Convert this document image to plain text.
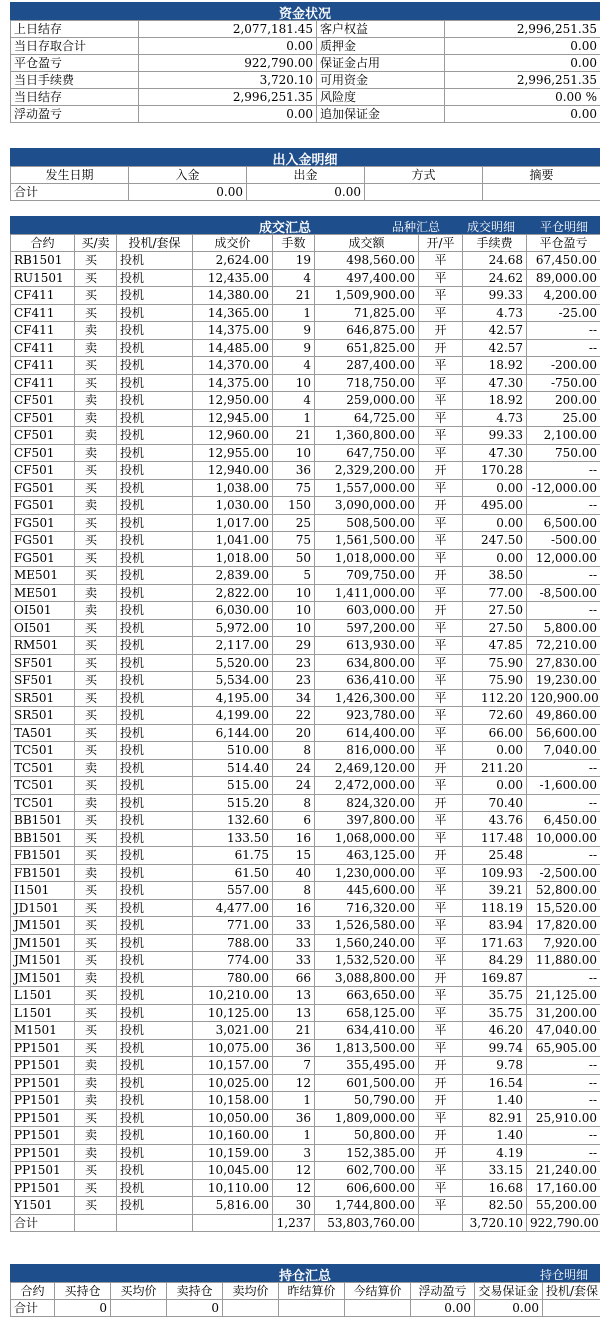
资金状况
上日结存	2,077,181.45	客户权益	2,996,251.35
当日存取合计	0.00	质押金	0.00
平仓盈亏	922,790.00	保证金占用	0.00
当日手续费	3,720.10	可用资金	2,996,251.35
当日结存	2,996,251.35	风险度	0.00 %
浮动盈亏	0.00	追加保证金	0.00
出入金明细
发生日期	入金	出金	方式	摘要
合计	0.00	0.00		
成交汇总	品种汇总 成交明细 平仓明细
合约	买/卖	投机/套保	成交价	手数	成交额	开/平	手续费	平仓盈亏
RB1501	买	投机	2,624.00	19	498,560.00	平	24.68	67,450.00
RU1501	买	投机	12,435.00	4	497,400.00	平	24.62	89,000.00
CF411	买	投机	14,380.00	21	1,509,900.00	平	99.33	4,200.00
CF411	买	投机	14,365.00	1	71,825.00	平	4.73	-25.00
CF411	卖	投机	14,375.00	9	646,875.00	开	42.57	--
CF411	卖	投机	14,485.00	9	651,825.00	开	42.57	--
CF411	买	投机	14,370.00	4	287,400.00	平	18.92	-200.00
CF411	买	投机	14,375.00	10	718,750.00	平	47.30	-750.00
CF501	卖	投机	12,950.00	4	259,000.00	平	18.92	200.00
CF501	卖	投机	12,945.00	1	64,725.00	平	4.73	25.00
CF501	卖	投机	12,960.00	21	1,360,800.00	平	99.33	2,100.00
CF501	卖	投机	12,955.00	10	647,750.00	平	47.30	750.00
CF501	买	投机	12,940.00	36	2,329,200.00	开	170.28	--
FG501	买	投机	1,038.00	75	1,557,000.00	平	0.00	-12,000.00
FG501	卖	投机	1,030.00	150	3,090,000.00	开	495.00	--
FG501	买	投机	1,017.00	25	508,500.00	平	0.00	6,500.00
FG501	买	投机	1,041.00	75	1,561,500.00	平	247.50	-500.00
FG501	买	投机	1,018.00	50	1,018,000.00	平	0.00	12,000.00
ME501	买	投机	2,839.00	5	709,750.00	开	38.50	--
ME501	卖	投机	2,822.00	10	1,411,000.00	平	77.00	-8,500.00
OI501	卖	投机	6,030.00	10	603,000.00	开	27.50	--
OI501	买	投机	5,972.00	10	597,200.00	平	27.50	5,800.00
RM501	买	投机	2,117.00	29	613,930.00	平	47.85	72,210.00
SF501	买	投机	5,520.00	23	634,800.00	平	75.90	27,830.00
SF501	买	投机	5,534.00	23	636,410.00	平	75.90	19,230.00
SR501	买	投机	4,195.00	34	1,426,300.00	平	112.20	120,900.00
SR501	买	投机	4,199.00	22	923,780.00	平	72.60	49,860.00
TA501	买	投机	6,144.00	20	614,400.00	平	66.00	56,600.00
TC501	买	投机	510.00	8	816,000.00	平	0.00	7,040.00
TC501	卖	投机	514.40	24	2,469,120.00	开	211.20	--
TC501	买	投机	515.00	24	2,472,000.00	平	0.00	-1,600.00
TC501	卖	投机	515.20	8	824,320.00	开	70.40	--
BB1501	买	投机	132.60	6	397,800.00	平	43.76	6,450.00
BB1501	买	投机	133.50	16	1,068,000.00	平	117.48	10,000.00
FB1501	买	投机	61.75	15	463,125.00	开	25.48	--
FB1501	卖	投机	61.50	40	1,230,000.00	平	109.93	-2,500.00
I1501	买	投机	557.00	8	445,600.00	平	39.21	52,800.00
JD1501	买	投机	4,477.00	16	716,320.00	平	118.19	15,520.00
JM1501	买	投机	771.00	33	1,526,580.00	平	83.94	17,820.00
JM1501	买	投机	788.00	33	1,560,240.00	平	171.63	7,920.00
JM1501	买	投机	774.00	33	1,532,520.00	平	84.29	11,880.00
JM1501	卖	投机	780.00	66	3,088,800.00	开	169.87	--
L1501	买	投机	10,210.00	13	663,650.00	平	35.75	21,125.00
L1501	买	投机	10,125.00	13	658,125.00	平	35.75	31,200.00
M1501	买	投机	3,021.00	21	634,410.00	平	46.20	47,040.00
PP1501	买	投机	10,075.00	36	1,813,500.00	平	99.74	65,905.00
PP1501	卖	投机	10,157.00	7	355,495.00	开	9.78	--
PP1501	卖	投机	10,025.00	12	601,500.00	开	16.54	--
PP1501	卖	投机	10,158.00	1	50,790.00	开	1.40	--
PP1501	买	投机	10,050.00	36	1,809,000.00	平	82.91	25,910.00
PP1501	卖	投机	10,160.00	1	50,800.00	开	1.40	--
PP1501	卖	投机	10,159.00	3	152,385.00	开	4.19	--
PP1501	买	投机	10,045.00	12	602,700.00	平	33.15	21,240.00
PP1501	买	投机	10,110.00	12	606,600.00	平	16.68	17,160.00
Y1501	买	投机	5,816.00	30	1,744,800.00	平	82.50	55,200.00
合计				1,237	53,803,760.00		3,720.10	922,790.00
持仓汇总	持仓明细
合约	买持仓	买均价	卖持仓	卖均价	昨结算价	今结算价	浮动盈亏	交易保证金	投机/套保
合计	0		0				0.00	0.00	
